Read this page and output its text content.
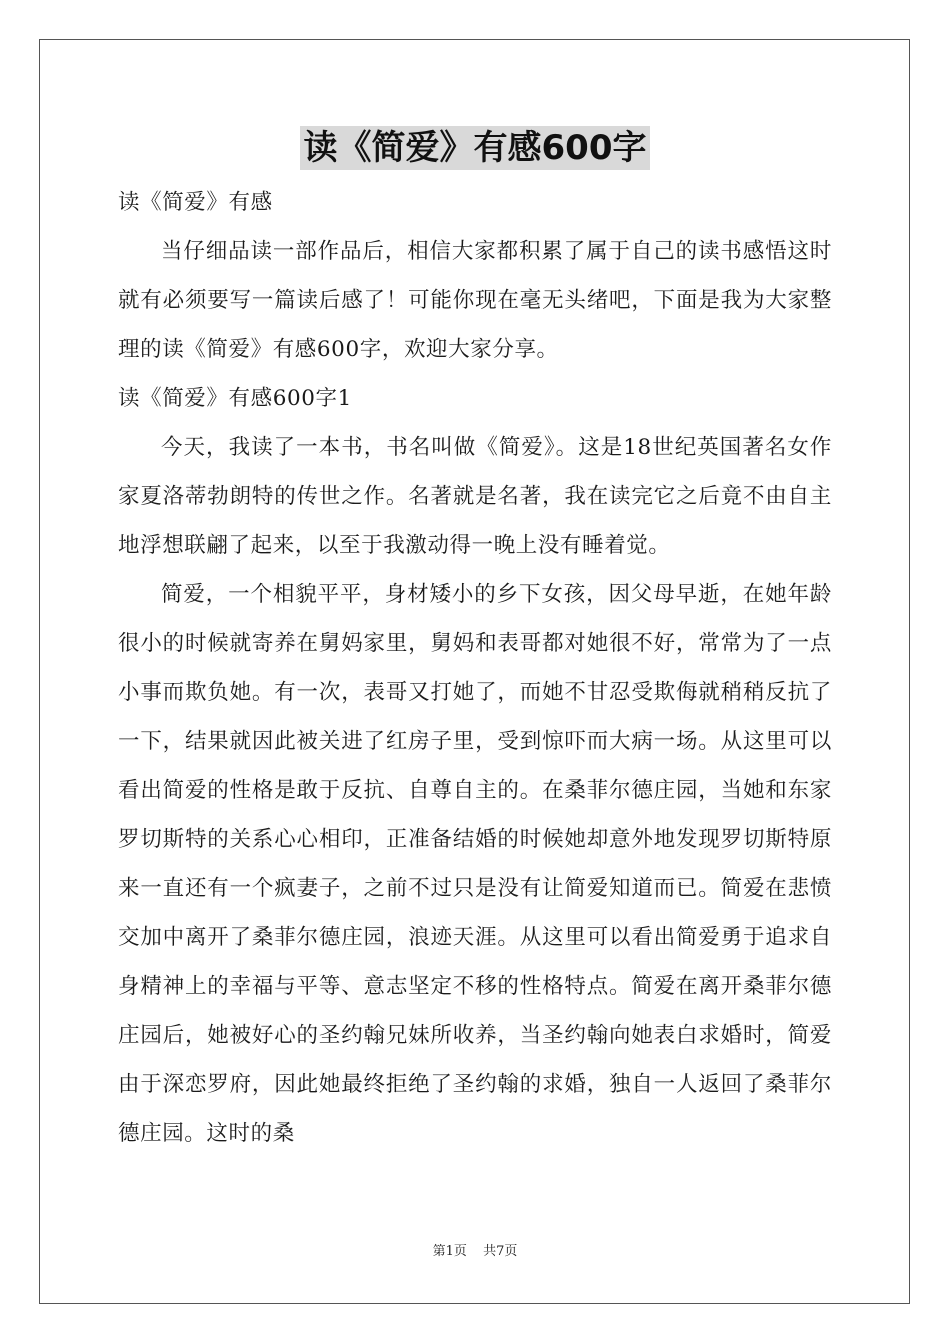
读《简爱》有感600字

读《简爱》有感

当仔细品读一部作品后，相信大家都积累了属于自己的读书感悟这时就有必须要写一篇读后感了！可能你现在毫无头绪吧，下面是我为大家整理的读《简爱》有感600字，欢迎大家分享。

读《简爱》有感600字1

今天，我读了一本书，书名叫做《简爱》。这是18世纪英国著名女作家夏洛蒂勃朗特的传世之作。名著就是名著，我在读完它之后竟不由自主地浮想联翩了起来，以至于我激动得一晚上没有睡着觉。

简爱，一个相貌平平，身材矮小的乡下女孩，因父母早逝，在她年龄很小的时候就寄养在舅妈家里，舅妈和表哥都对她很不好，常常为了一点小事而欺负她。有一次，表哥又打她了，而她不甘忍受欺侮就稍稍反抗了一下，结果就因此被关进了红房子里，受到惊吓而大病一场。从这里可以看出简爱的性格是敢于反抗、自尊自主的。在桑菲尔德庄园，当她和东家罗切斯特的关系心心相印，正准备结婚的时候她却意外地发现罗切斯特原来一直还有一个疯妻子，之前不过只是没有让简爱知道而已。简爱在悲愤交加中离开了桑菲尔德庄园，浪迹天涯。从这里可以看出简爱勇于追求自身精神上的幸福与平等、意志坚定不移的性格特点。简爱在离开桑菲尔德庄园后，她被好心的圣约翰兄妹所收养，当圣约翰向她表白求婚时，简爱由于深恋罗府，因此她最终拒绝了圣约翰的求婚，独自一人返回了桑菲尔德庄园。这时的桑

第1页 共7页
